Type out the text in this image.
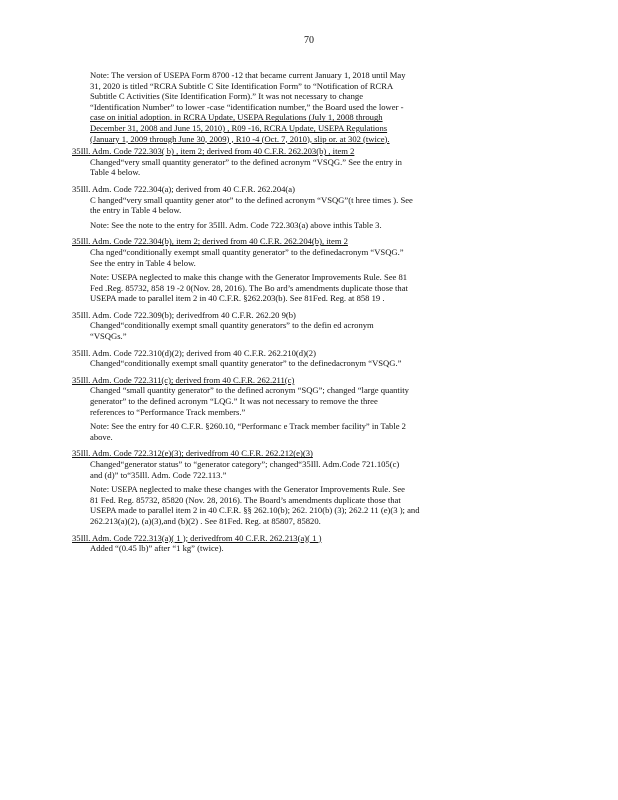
70
Note: The version of USEPA Form 8700 -12 that became current January 1, 2018 until May
31, 2020 is titled “RCRA Subtitle C Site Identification Form” to “Notification of RCRA
Subtitle C Activities (Site Identification Form).” It was not necessary to change
“Identification Number” to lower -case “identification number,” the Board used the lower -
case on initial adoption. in RCRA Update, USEPA Regulations (July 1, 2008 through
December 31, 2008 and June 15, 2010) , R09 -16, RCRA Update, USEPA Regulations
(January 1, 2009 through June 30, 2009) , R10 -4 (Oct. 7, 2010), slip or. at 302 (twice).
35Ill. Adm. Code 722.303( b) , item 2; derived from 40 C.F.R. 262.203(b) , item 2
Changed“very small quantity generator” to the defined acronym “VSQG.” See the entry in
Table 4 below.
35Ill. Adm. Code 722.304(a); derived from 40 C.F.R. 262.204(a)
C hanged“very small quantity gener ator” to the defined acronym “VSQG”(t hree times ). See
the entry in Table 4 below.
Note: See the note to the entry for 35Ill. Adm. Code 722.303(a) above inthis Table 3.
35Ill. Adm. Code 722.304(b), item 2; derived from 40 C.F.R. 262.204(b), item 2
Cha nged“conditionally exempt small quantity generator” to the definedacronym “VSQG.”
See the entry in Table 4 below.
Note: USEPA neglected to make this change with the Generator Improvements Rule. See 81
Fed .Reg. 85732, 858 19 -2 0(Nov. 28, 2016). The Bo ard’s amendments duplicate those that
USEPA made to parallel item 2 in 40 C.F.R. §262.203(b). See 81Fed. Reg. at 858 19 .
35Ill. Adm. Code 722.309(b); derivedfrom 40 C.F.R. 262.20 9(b)
Changed“conditionally exempt small quantity generators” to the defin ed acronym
“VSQGs.”
35Ill. Adm. Code 722.310(d)(2); derived from 40 C.F.R. 262.210(d)(2)
Changed“conditionally exempt small quantity generator” to the definedacronym “VSQG.”
35Ill. Adm. Code 722.311(c); derived from 40 C.F.R. 262.211(c)
Changed “small quantity generator” to the defined acronym “SQG”; changed “large quantity
generator” to the defined acronym “LQG.” It was not necessary to remove the three
references to “Performance Track members.”
Note: See the entry for 40 C.F.R. §260.10, “Performanc e Track member facility” in Table 2
above.
35Ill. Adm. Code 722.312(e)(3); derivedfrom 40 C.F.R. 262.212(e)(3)
Changed“generator status” to “generator category”; changed“35Ill. Adm.Code 721.105(c)
and (d)” to“35Ill. Adm. Code 722.113.”
Note: USEPA neglected to make these changes with the Generator Improvements Rule. See
81 Fed. Reg. 85732, 85820 (Nov. 28, 2016). The Board’s amendments duplicate those that
USEPA made to parallel item 2 in 40 C.F.R. §§ 262.10(b); 262. 210(b) (3); 262.2 11 (e)(3 ); and
262.213(a)(2), (a)(3),and (b)(2) . See 81Fed. Reg. at 85807, 85820.
35Ill. Adm. Code 722.313(a)( 1 ); derivedfrom 40 C.F.R. 262.213(a)( 1 )
Added “(0.45 lb)” after “1 kg” (twice).
